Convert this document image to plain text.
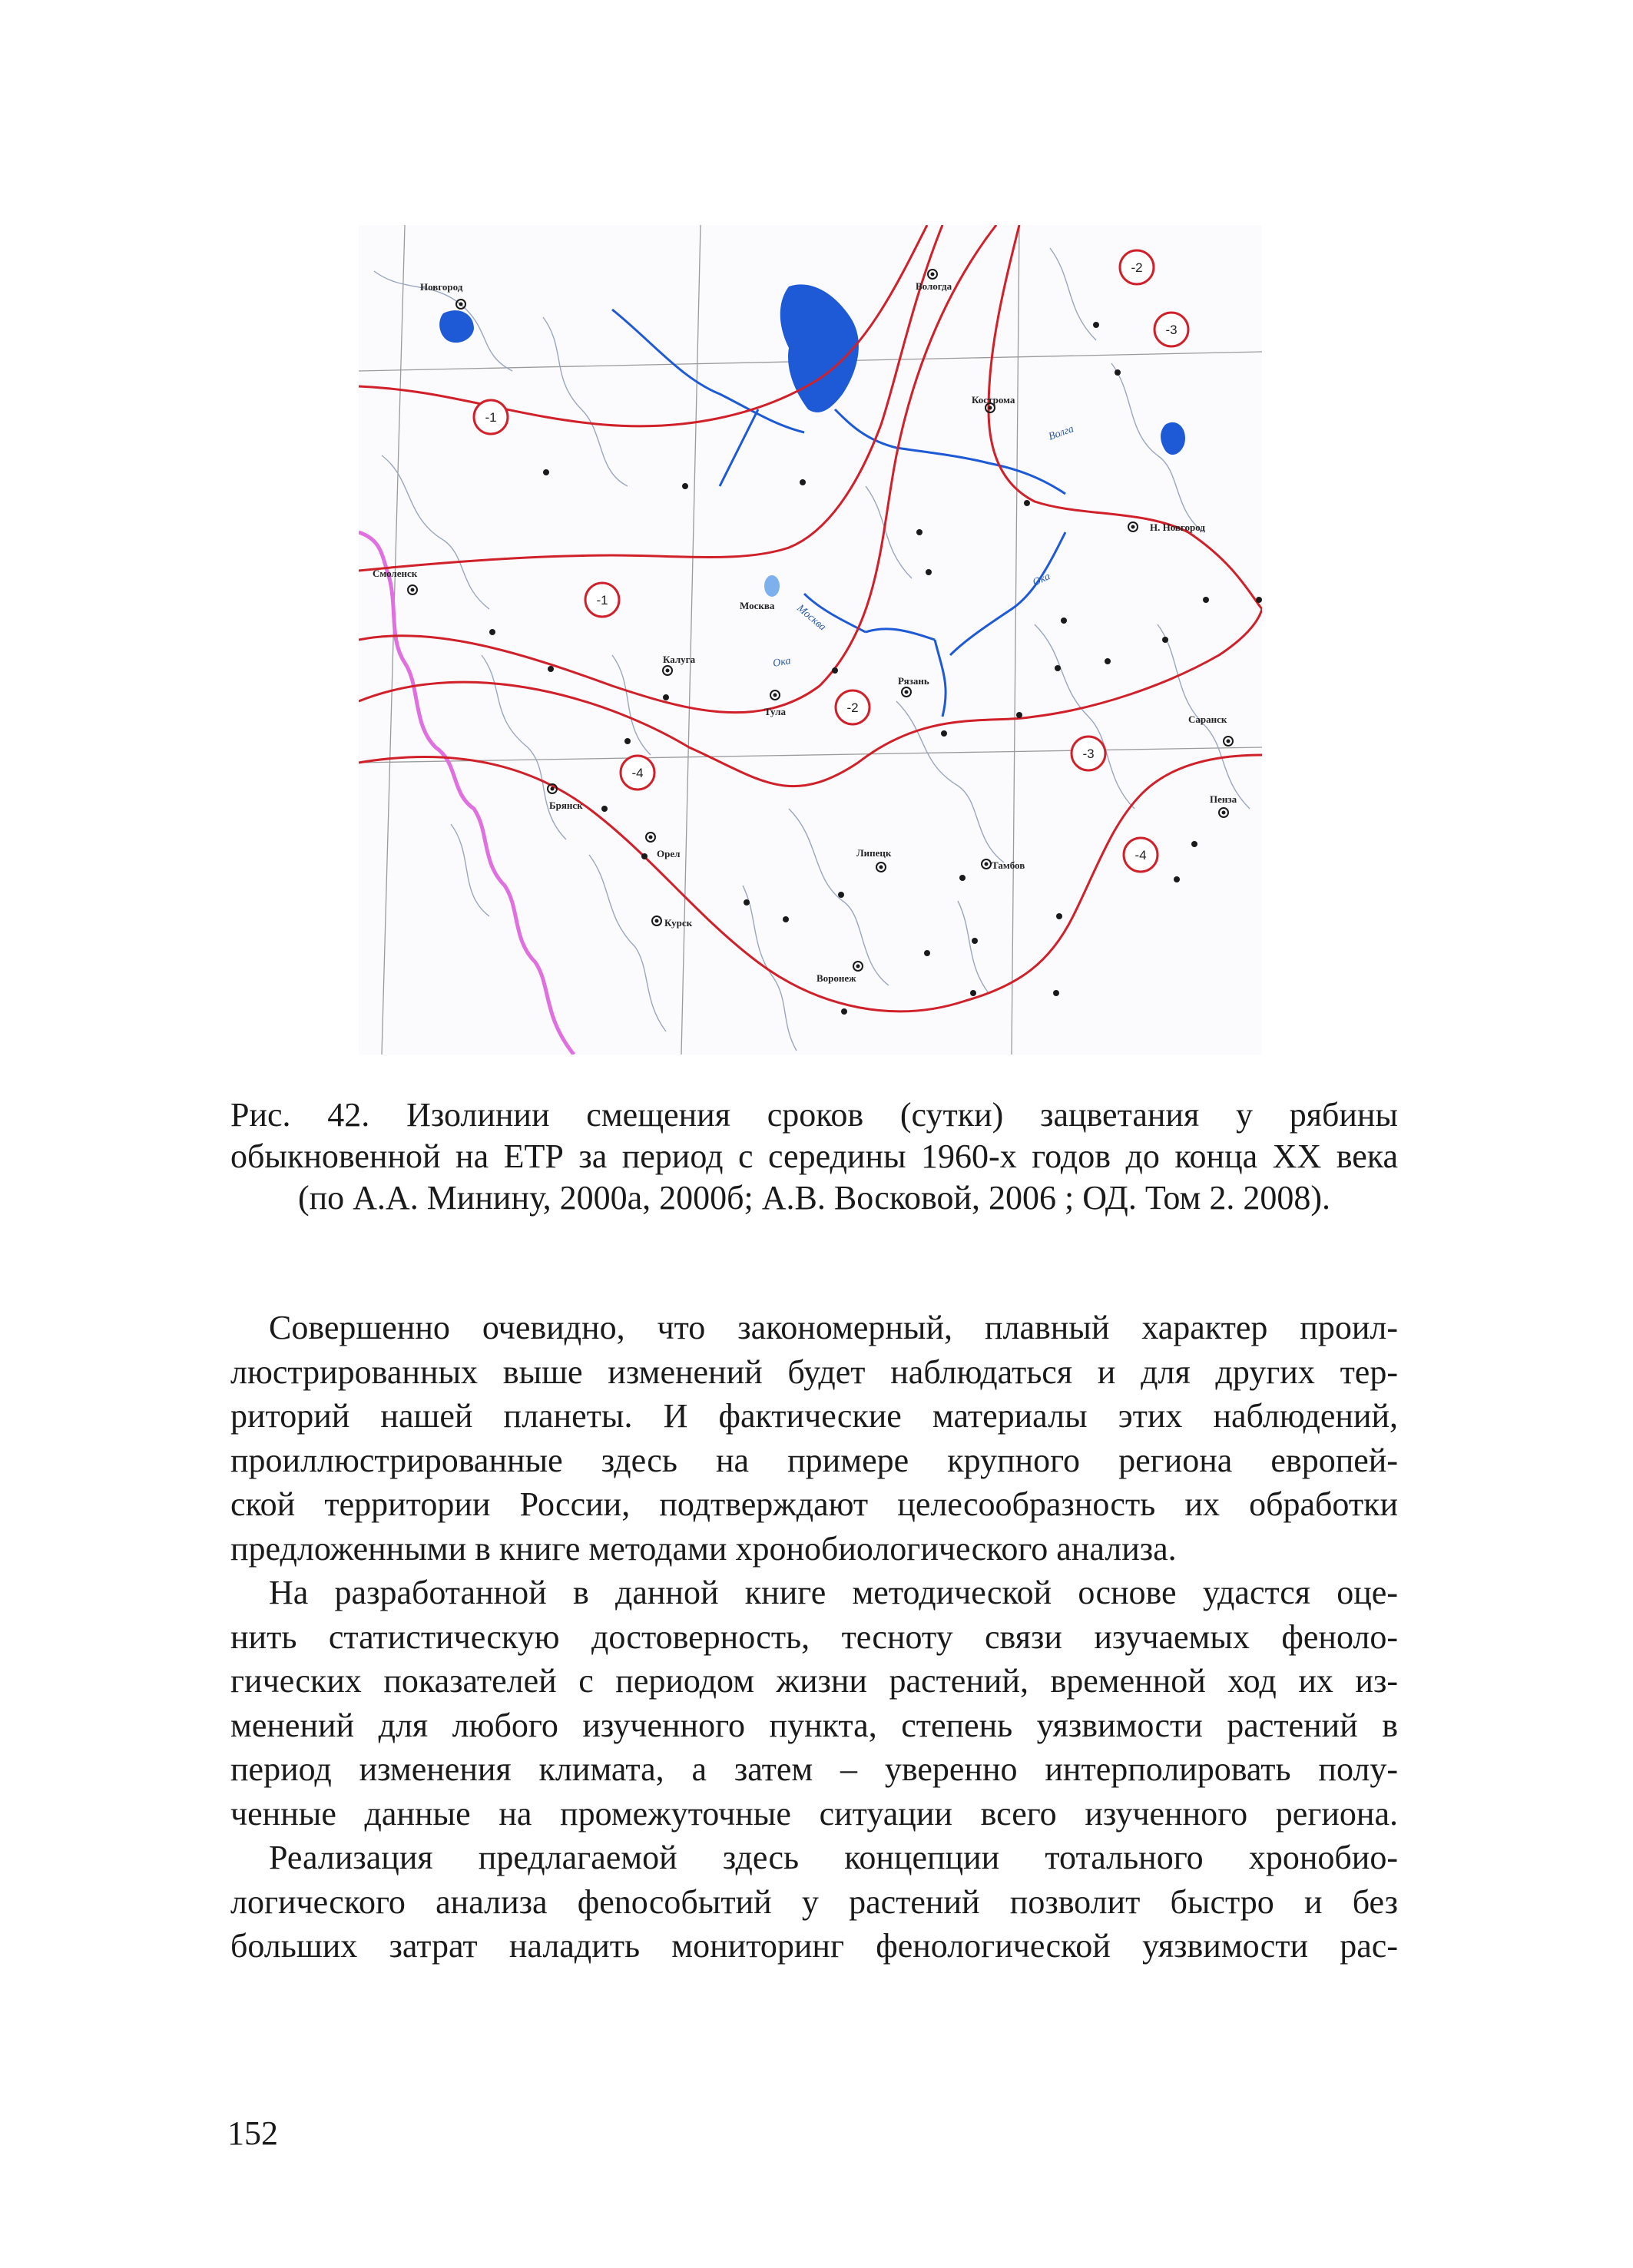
-1
-1
-2
-2
-3
-3
-4
-4
Новгород	Вологда
Кострома
Н. Новгород
Москва
Смоленск
Калуга
Тула
Рязань
Саранск
Брянск
Орел
Пенза
Липецк
Тамбов
Курск
Воронеж
Волга
Ока
Ока
Москва
Рис. 42. Изолинии смещения сроков (сутки) зацветания у рябины
обыкновенной на ЕТР за период с середины 1960-х годов до конца XX века
(по А.А. Минину, 2000а, 2000б; А.В. Восковой, 2006 ; ОД. Том 2. 2008).
Совершенно очевидно, что закономерный, плавный характер проил-
люстрированных выше изменений будет наблюдаться и для других тер-
риторий нашей планеты. И фактические материалы этих наблюдений,
проиллюстрированные здесь на примере крупного региона европей-
ской территории России, подтверждают целесообразность их обработки
предложенными в книге методами хронобиологического анализа.
На разработанной в данной книге методической основе удастся оце-
нить статистическую достоверность, тесноту связи изучаемых феноло-
гических показателей с периодом жизни растений, временной ход их из-
менений для любого изученного пункта, степень уязвимости растений в
период изменения климата, а затем – уверенно интерполировать полу-
ченные данные на промежуточные ситуации всего изученного региона.
Реализация предлагаемой здесь концепции тотального хронобио-
логического анализа феnособытий у растений позволит быстро и без
больших затрат наладить мониторинг фенологической уязвимости рас-
152
